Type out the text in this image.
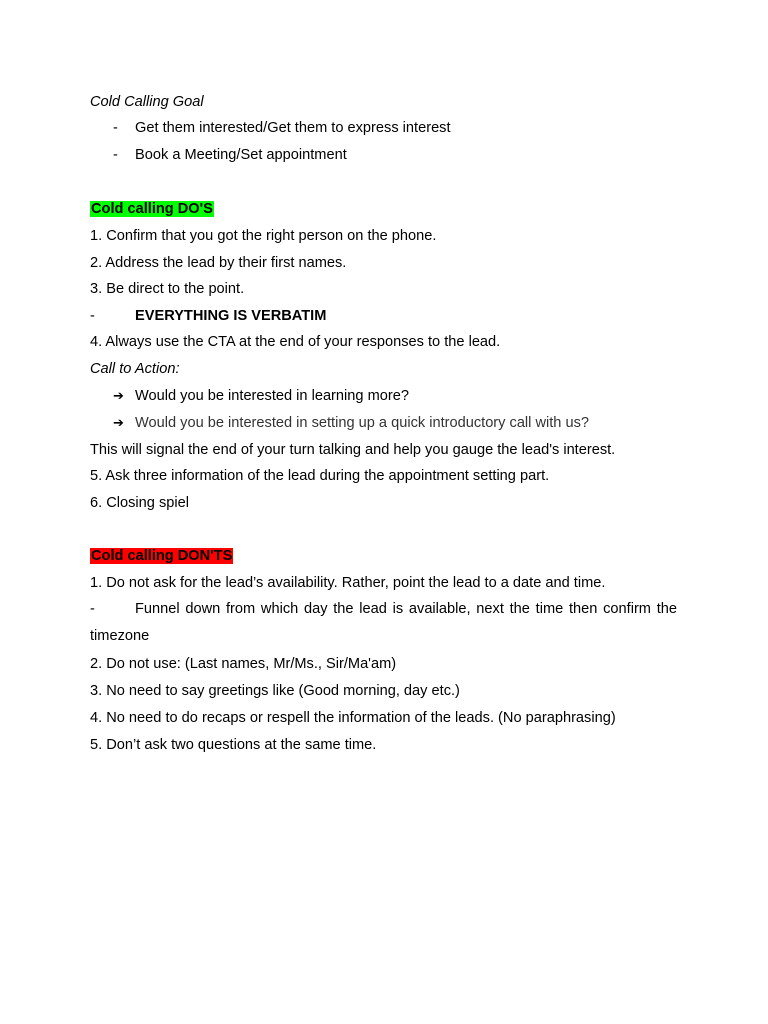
Cold Calling Goal
-	Get them interested/Get them to express interest
-	Book a Meeting/Set appointment
Cold calling DO'S
1. Confirm that you got the right person on the phone.
2. Address the lead by their first names.
3. Be direct to the point.
-	EVERYTHING IS VERBATIM
4. Always use the CTA at the end of your responses to the lead.
Call to Action:
➔ Would you be interested in learning more?
➔ Would you be interested in setting up a quick introductory call with us?
This will signal the end of your turn talking and help you gauge the lead's interest.
5. Ask three information of the lead during the appointment setting part.
6. Closing spiel
Cold calling DON'TS
1. Do not ask for the lead’s availability. Rather, point the lead to a date and time.
-	Funnel down from which day the lead is available, next the time then confirm the timezone
2. Do not use: (Last names, Mr/Ms., Sir/Ma'am)
3. No need to say greetings like (Good morning, day etc.)
4. No need to do recaps or respell the information of the leads. (No paraphrasing)
5. Don’t ask two questions at the same time.
